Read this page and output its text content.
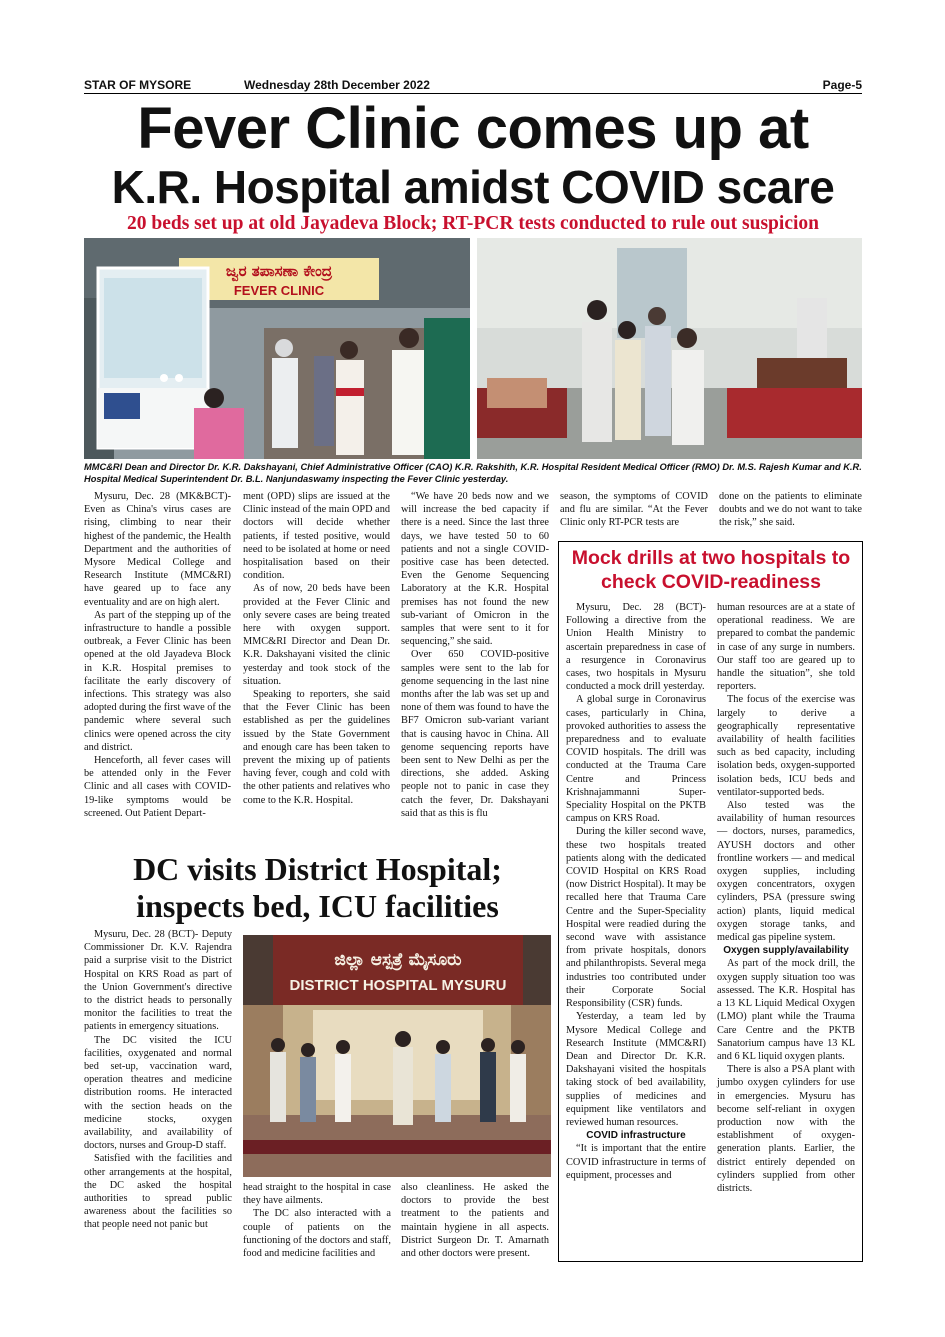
STAR OF MYSORE	Wednesday 28th December 2022	Page-5
Fever Clinic comes up at
K.R. Hospital amidst COVID scare
20 beds set up at old Jayadeva Block; RT-PCR tests conducted to rule out suspicion
ಜ್ವರ ತಪಾಸಣಾ ಕೇಂದ್ರ
FEVER CLINIC
MMC&RI Dean and Director Dr. K.R. Dakshayani, Chief Administrative Officer (CAO) K.R. Rakshith, K.R. Hospital Resident Medical Officer (RMO) Dr. M.S. Rajesh Kumar and K.R. Hospital Medical Superintendent Dr. B.L. Nanjundaswamy inspecting the Fever Clinic yesterday.

Mysuru, Dec. 28 (MK&BCT)- Even as China's virus cases are rising, climbing to near their highest of the pandemic, the Health Department and the authorities of Mysore Medical College and Research Institute (MMC&RI) have geared up to face any eventuality and are on high alert.

As part of the stepping up of the infrastructure to handle a possible outbreak, a Fever Clinic has been opened at the old Jayadeva Block in K.R. Hospital premises to facilitate the early discovery of infections. This strategy was also adopted during the first wave of the pandemic where several such clinics were opened across the city and district.

Henceforth, all fever cases will be attended only in the Fever Clinic and all cases with COVID-19-like symptoms would be screened. Out Patient Depart-

ment (OPD) slips are issued at the Clinic instead of the main OPD and doctors will decide whether patients, if tested positive, would need to be isolated at home or need hospitalisation based on their condition.

As of now, 20 beds have been provided at the Fever Clinic and only severe cases are being treated here with oxygen support. MMC&RI Director and Dean Dr. K.R. Dakshayani visited the clinic yesterday and took stock of the situation.

Speaking to reporters, she said that the Fever Clinic has been established as per the guidelines issued by the State Government and enough care has been taken to prevent the mixing up of patients having fever, cough and cold with the other patients and relatives who come to the K.R. Hospital.

“We have 20 beds now and we will increase the bed capacity if there is a need. Since the last three days, we have tested 50 to 60 patients and not a single COVID-positive case has been detected. Even the Genome Sequencing Laboratory at the K.R. Hospital premises has not found the new sub-variant of Omicron in the samples that were sent to it for sequencing,” she said.

Over 650 COVID-positive samples were sent to the lab for genome sequencing in the last nine months after the lab was set up and none of them was found to have the BF7 Omicron sub-variant variant that is causing havoc in China. All genome sequencing reports have been sent to New Delhi as per the directions, she added. Asking people not to panic in case they catch the fever, Dr. Dakshayani said that as this is flu

season, the symptoms of COVID and flu are similar. “At the Fever Clinic only RT-PCR tests are

done on the patients to eliminate doubts and we do not want to take the risk,” she said.

Mock drills at two hospitals to check COVID-readiness

Mysuru, Dec. 28 (BCT)- Following a directive from the Union Health Ministry to ascertain preparedness in case of a resurgence in Coronavirus cases, two hospitals in Mysuru conducted a mock drill yesterday.

A global surge in Coronavirus cases, particularly in China, provoked authorities to assess the preparedness and to evaluate COVID hospitals. The drill was conducted at the Trauma Care Centre and Princess Krishnajammanni Super-Speciality Hospital on the PKTB campus on KRS Road.

During the killer second wave, these two hospitals treated patients along with the dedicated COVID Hospital on KRS Road (now District Hospital). It may be recalled here that Trauma Care Centre and the Super-Speciality Hospital were readied during the second wave with assistance from private hospitals, donors and philanthropists. Several mega industries too contributed under their Corporate Social Responsibility (CSR) funds.

Yesterday, a team led by Mysore Medical College and Research Institute (MMC&RI) Dean and Director Dr. K.R. Dakshayani visited the hospitals taking stock of bed availability, supplies of medicines and equipment like ventilators and reviewed human resources.

COVID infrastructure

“It is important that the entire COVID infrastructure in terms of equipment, processes and

human resources are at a state of operational readiness. We are prepared to combat the pandemic in case of any surge in numbers. Our staff too are geared up to handle the situation”, she told reporters.

The focus of the exercise was largely to derive a geographically representative availability of health facilities such as bed capacity, including isolation beds, oxygen-supported isolation beds, ICU beds and ventilator-supported beds.

Also tested was the availability of human resources — doctors, nurses, paramedics, AYUSH doctors and other frontline workers — and medical oxygen supplies, including oxygen concentrators, oxygen cylinders, PSA (pressure swing action) plants, liquid medical oxygen storage tanks, and medical gas pipeline system.

Oxygen supply/availability

As part of the mock drill, the oxygen supply situation too was assessed. The K.R. Hospital has a 13 KL Liquid Medical Oxygen (LMO) plant while the Trauma Care Centre and the PKTB Sanatorium campus have 13 KL and 6 KL liquid oxygen plants.

There is also a PSA plant with jumbo oxygen cylinders for use in emergencies. Mysuru has become self-reliant in oxygen production now with the establishment of oxygen-generation plants. Earlier, the district entirely depended on cylinders supplied from other districts.

DC visits District Hospital;
inspects bed, ICU facilities

Mysuru, Dec. 28 (BCT)- Deputy Commissioner Dr. K.V. Rajendra paid a surprise visit to the District Hospital on KRS Road as part of the Union Government's directive to the district heads to personally monitor the facilities to treat the patients in emergency situations.

The DC visited the ICU facilities, oxygenated and normal bed set-up, vaccination ward, operation theatres and medicine distribution rooms. He interacted with the section heads on the medicine stocks, oxygen availability, and availability of doctors, nurses and Group-D staff.

Satisfied with the facilities and other arrangements at the hospital, the DC asked the hospital authorities to spread public awareness about the facilities so that people need not panic but

ಜಿಲ್ಲಾ ಆಸ್ಪತ್ರೆ ಮೈಸೂರು
DISTRICT HOSPITAL MYSURU

head straight to the hospital in case they have ailments.

The DC also interacted with a couple of patients on the functioning of the doctors and staff, food and medicine facilities and

also cleanliness. He asked the doctors to provide the best treatment to the patients and maintain hygiene in all aspects. District Surgeon Dr. T. Amarnath and other doctors were present.
